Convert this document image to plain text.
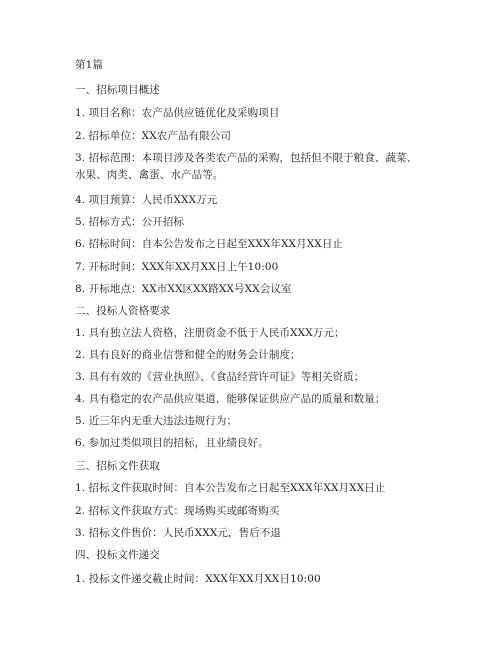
第1篇
一、招标项目概述
1. 项目名称：农产品供应链优化及采购项目
2. 招标单位：XX农产品有限公司
3. 招标范围：本项目涉及各类农产品的采购，包括但不限于粮食、蔬菜、水果、肉类、禽蛋、水产品等。
4. 项目预算：人民币XXX万元
5. 招标方式：公开招标
6. 招标时间：自本公告发布之日起至XXX年XX月XX日止
7. 开标时间：XXX年XX月XX日上午10:00
8. 开标地点：XX市XX区XX路XX号XX会议室
二、投标人资格要求
1. 具有独立法人资格，注册资金不低于人民币XXX万元；
2. 具有良好的商业信誉和健全的财务会计制度；
3. 具有有效的《营业执照》、《食品经营许可证》等相关资质；
4. 具有稳定的农产品供应渠道，能够保证供应产品的质量和数量；
5. 近三年内无重大违法违规行为；
6. 参加过类似项目的招标，且业绩良好。
三、招标文件获取
1. 招标文件获取时间：自本公告发布之日起至XXX年XX月XX日止
2. 招标文件获取方式：现场购买或邮寄购买
3. 招标文件售价：人民币XXX元，售后不退
四、投标文件递交
1. 投标文件递交截止时间：XXX年XX月XX日10:00
